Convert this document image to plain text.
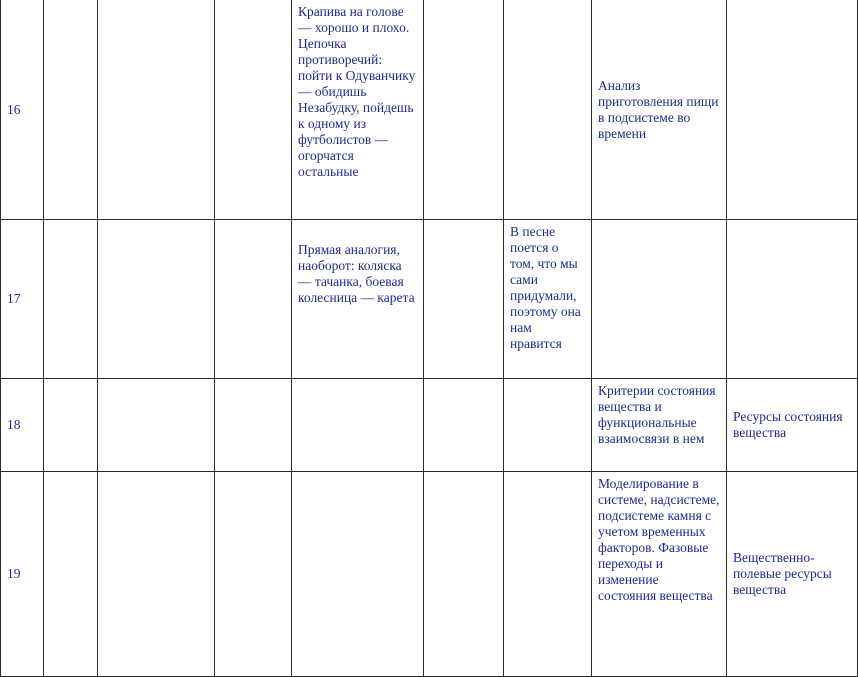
16				Крапива на голове — хорошо и плохо. Цепочка противоречий: пойти к Одуванчику — обидишь Незабудку, пойдешь к одному из футболистов — огорчатся остальные			Анализ приготовления пищи в подсистеме во времени	
17				Прямая аналогия, наоборот: коляска — тачанка, боевая колесница — карета		В песне поется о том, что мы сами придумали, поэтому она нам нравится		
18							Критерии состояния вещества и функциональные взаимосвязи в нем	Ресурсы состояния вещества
19							Моделирование в системе, надсистеме, подсистеме камня с учетом временных факторов. Фазовые переходы и изменение состояния вещества	Вещественно-полевые ресурсы вещества
